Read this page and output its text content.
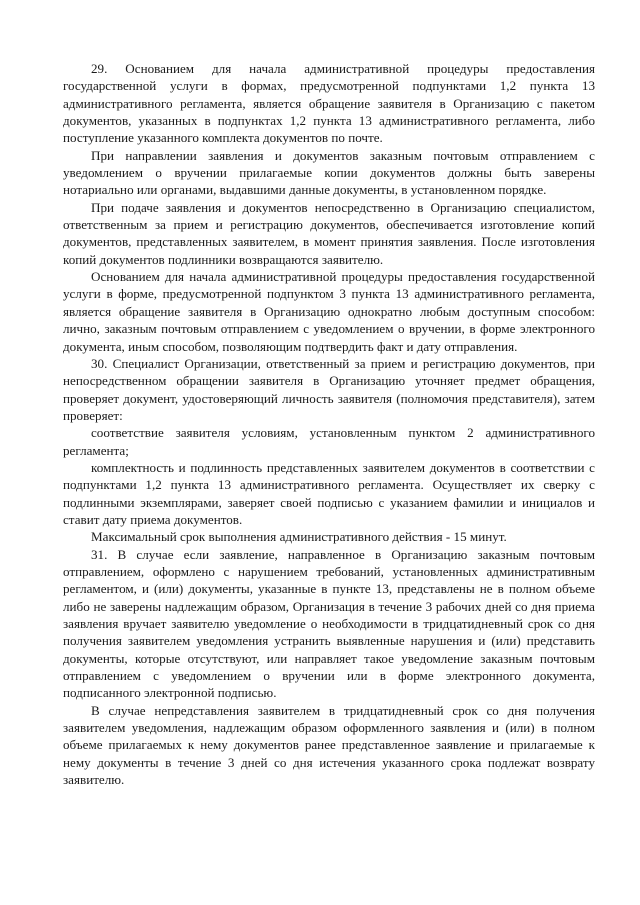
29. Основанием для начала административной процедуры предоставления государственной услуги в формах, предусмотренной подпунктами 1,2 пункта 13 административного регламента, является обращение заявителя в Организацию с пакетом документов, указанных в подпунктах 1,2 пункта 13 административного регламента, либо поступление указанного комплекта документов по почте.

При направлении заявления и документов заказным почтовым отправлением с уведомлением о вручении прилагаемые копии документов должны быть заверены нотариально или органами, выдавшими данные документы, в установленном порядке.

При подаче заявления и документов непосредственно в Организацию специалистом, ответственным за прием и регистрацию документов, обеспечивается изготовление копий документов, представленных заявителем, в момент принятия заявления. После изготовления копий документов подлинники возвращаются заявителю.

Основанием для начала административной процедуры предоставления государственной услуги в форме, предусмотренной подпунктом 3 пункта 13 административного регламента, является обращение заявителя в Организацию однократно любым доступным способом: лично, заказным почтовым отправлением с уведомлением о вручении, в форме электронного документа, иным способом, позволяющим подтвердить факт и дату отправления.

30. Специалист Организации, ответственный за прием и регистрацию документов, при непосредственном обращении заявителя в Организацию уточняет предмет обращения, проверяет документ, удостоверяющий личность заявителя (полномочия представителя), затем проверяет:

соответствие заявителя условиям, установленным пунктом 2 административного регламента;

комплектность и подлинность представленных заявителем документов в соответствии с подпунктами 1,2 пункта 13 административного регламента. Осуществляет их сверку с подлинными экземплярами, заверяет своей подписью с указанием фамилии и инициалов и ставит дату приема документов.

Максимальный срок выполнения административного действия - 15 минут.

31. В случае если заявление, направленное в Организацию заказным почтовым отправлением, оформлено с нарушением требований, установленных административным регламентом, и (или) документы, указанные в пункте 13, представлены не в полном объеме либо не заверены надлежащим образом, Организация в течение 3 рабочих дней со дня приема заявления вручает заявителю уведомление о необходимости в тридцатидневный срок со дня получения заявителем уведомления устранить выявленные нарушения и (или) представить документы, которые отсутствуют, или направляет такое уведомление заказным почтовым отправлением с уведомлением о вручении или в форме электронного документа, подписанного электронной подписью.

В случае непредставления заявителем в тридцатидневный срок со дня получения заявителем уведомления, надлежащим образом оформленного заявления и (или) в полном объеме прилагаемых к нему документов ранее представленное заявление и прилагаемые к нему документы в течение 3 дней со дня истечения указанного срока подлежат возврату заявителю.
